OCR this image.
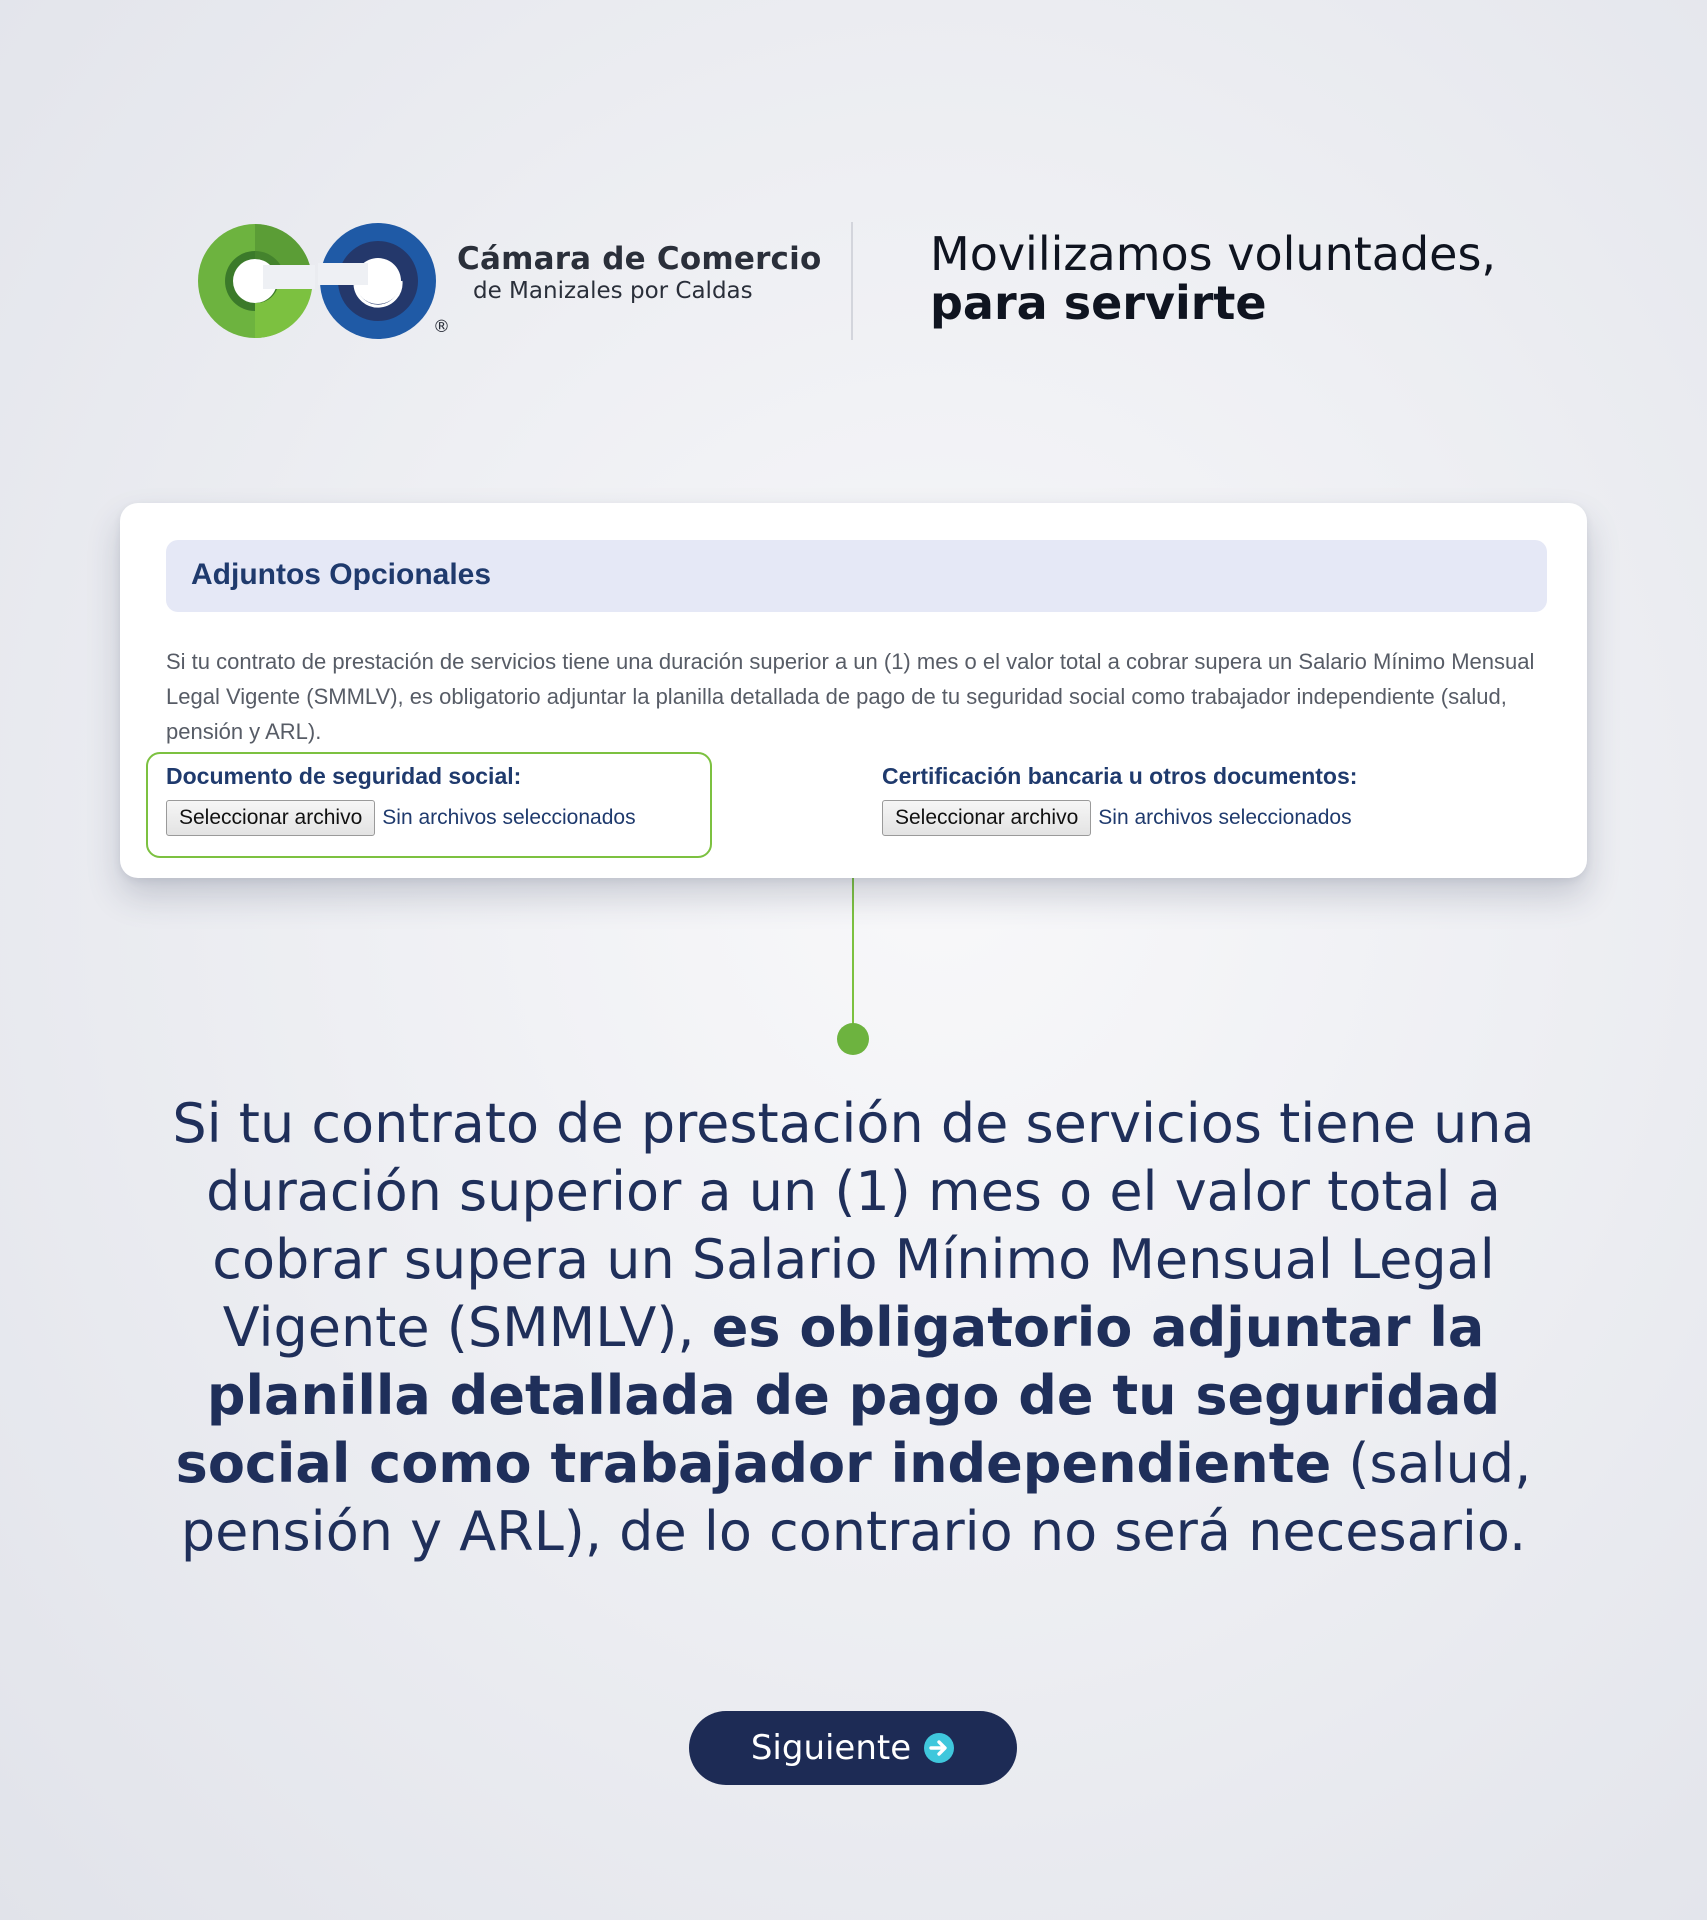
®
Cámara de Comercio
de Manizales por Caldas
Movilizamos voluntades,
para servirte
Adjuntos Opcionales
Si tu contrato de prestación de servicios tiene una duración superior a un (1) mes o el valor total a cobrar supera un Salario Mínimo Mensual Legal Vigente (SMMLV), es obligatorio adjuntar la planilla detallada de pago de tu seguridad social como trabajador independiente (salud, pensión y ARL).
Documento de seguridad social:
Seleccionar archivo Sin archivos seleccionados
Certificación bancaria u otros documentos:
Seleccionar archivo Sin archivos seleccionados
Si tu contrato de prestación de servicios tiene una duración superior a un (1) mes o el valor total a cobrar supera un Salario Mínimo Mensual Legal Vigente (SMMLV), es obligatorio adjuntar la planilla detallada de pago de tu seguridad social como trabajador independiente (salud, pensión y ARL), de lo contrario no será necesario.
Siguiente
